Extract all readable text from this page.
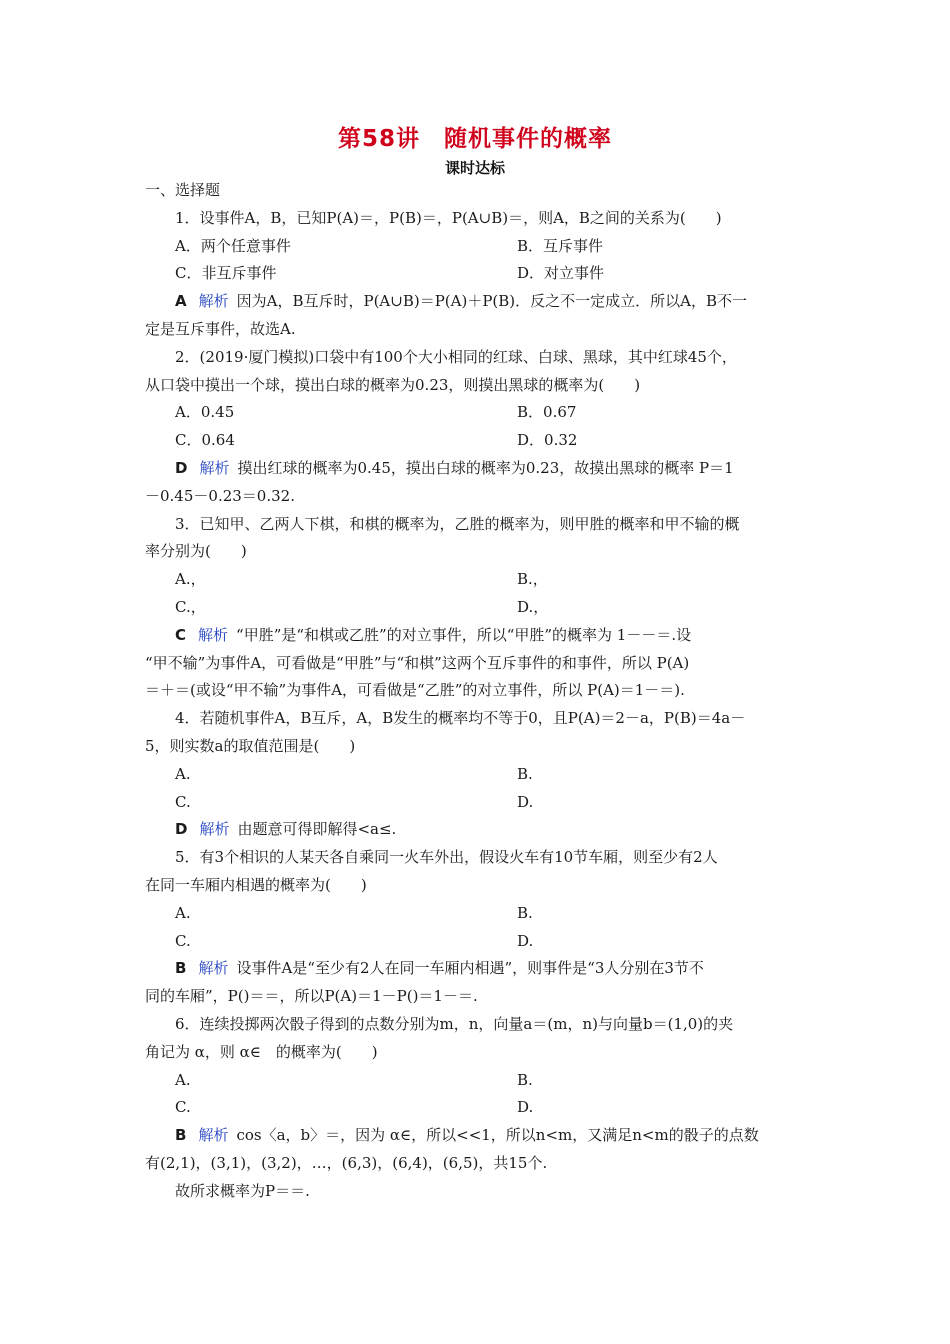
第58讲　随机事件的概率
课时达标
一、选择题
1．设事件A，B，已知P(A)＝，P(B)＝，P(A∪B)＝，则A，B之间的关系为(　　)
A．两个任意事件	B．互斥事件
C．非互斥事件	D．对立事件
A 解析 因为A，B互斥时，P(A∪B)＝P(A)＋P(B)．反之不一定成立．所以A，B不一
定是互斥事件，故选A.
2．(2019·厦门模拟)口袋中有100个大小相同的红球、白球、黑球，其中红球45个，
从口袋中摸出一个球，摸出白球的概率为0.23，则摸出黑球的概率为(　　)
A．0.45	B．0.67
C．0.64	D．0.32
D 解析 摸出红球的概率为0.45，摸出白球的概率为0.23，故摸出黑球的概率 P＝1
－0.45－0.23＝0.32.
3．已知甲、乙两人下棋，和棋的概率为，乙胜的概率为，则甲胜的概率和甲不输的概
率分别为(　　)
A.，	B.，
C.，	D.，
C 解析 “甲胜”是“和棋或乙胜”的对立事件，所以“甲胜”的概率为 1－－＝.设
“甲不输”为事件A，可看做是“甲胜”与“和棋”这两个互斥事件的和事件，所以 P(A)
＝＋＝(或设“甲不输”为事件A，可看做是“乙胜”的对立事件，所以 P(A)＝1－＝).
4．若随机事件A，B互斥，A，B发生的概率均不等于0，且P(A)＝2－a，P(B)＝4a－
5，则实数a的取值范围是(　　)
A.	B.
C.	D.
D 解析 由题意可得即解得<a≤.
5．有3个相识的人某天各自乘同一火车外出，假设火车有10节车厢，则至少有2人
在同一车厢内相遇的概率为(　　)
A.	B.
C.	D.
B 解析 设事件A是“至少有2人在同一车厢内相遇”，则事件是“3人分别在3节不
同的车厢”，P()＝＝，所以P(A)＝1－P()＝1－＝.
6．连续投掷两次骰子得到的点数分别为m，n，向量a＝(m，n)与向量b＝(1,0)的夹
角记为 α，则 α∈　的概率为(　　)
A.	B.
C.	D.
B 解析 cos〈a，b〉＝，因为 α∈，所以<<1，所以n<m，又满足n<m的骰子的点数
有(2,1)，(3,1)，(3,2)，…，(6,3)，(6,4)，(6,5)，共15个.
故所求概率为P＝＝.
